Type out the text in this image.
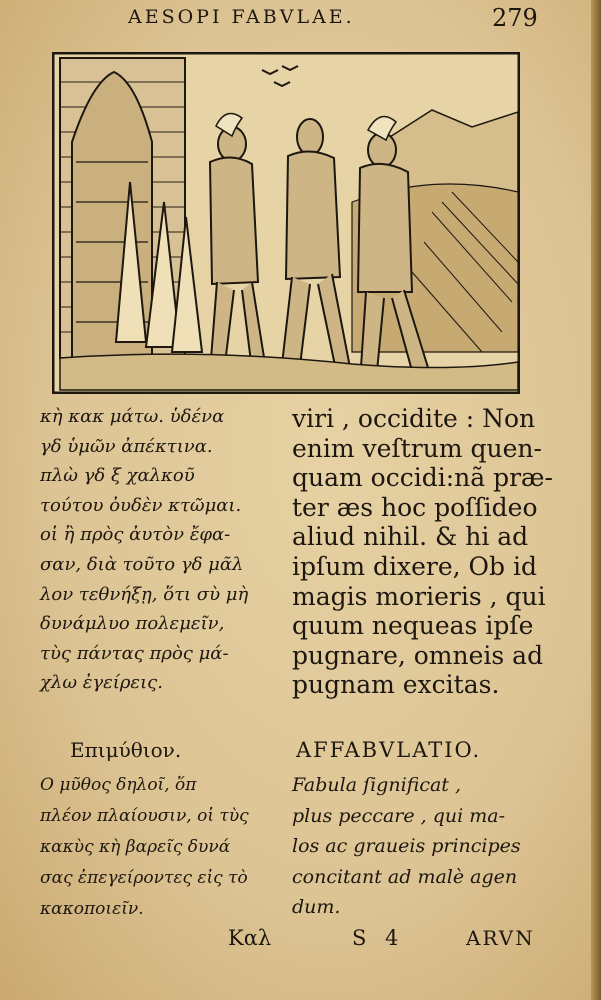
AESOPI FABVLAE.	279
κὴ κακ μάτω. ὑδένα
γδ ὑμῶν ἀπέκτινα.
πλὼ γδ ξ χαλκοῦ
τούτου ὀυδὲν κτῶμαι.
οἱ ἢ πρὸς ἀυτὸν ἔφα-
σαν, διὰ τοῦτο γδ μᾶλ
λον τεθνήξῃ, ὅτι σὺ μὴ
δυνάμλυο πολεμεῖν,
τὺς πάντας πρὸς μά-
χλω ἐγείρεις.
viri , occidite : Non
enim veſtrum quen-
quam occidi:nã præ-
ter æs hoc poſſideo
aliud nihil. & hi ad
ipſum dixere, Ob id
magis morieris , qui
quum nequeas ipſe
pugnare, omneis ad
pugnam excitas.
Επιμύθιον.
Ο μῦθος δηλοῖ, ὅπ
πλέον πλαίουσιν, οἱ τὺς
κακὺς κὴ βαρεῖς δυνά
σας ἐπεγείροντες εἰς τὸ
κακοποιεῖν.
AFFABVLATIO.
Fabula ſignificat ,
plus peccare , qui ma-
los ac graueis principes
concitant ad malè agen
dum.
Καλ	S 4	ARVN
